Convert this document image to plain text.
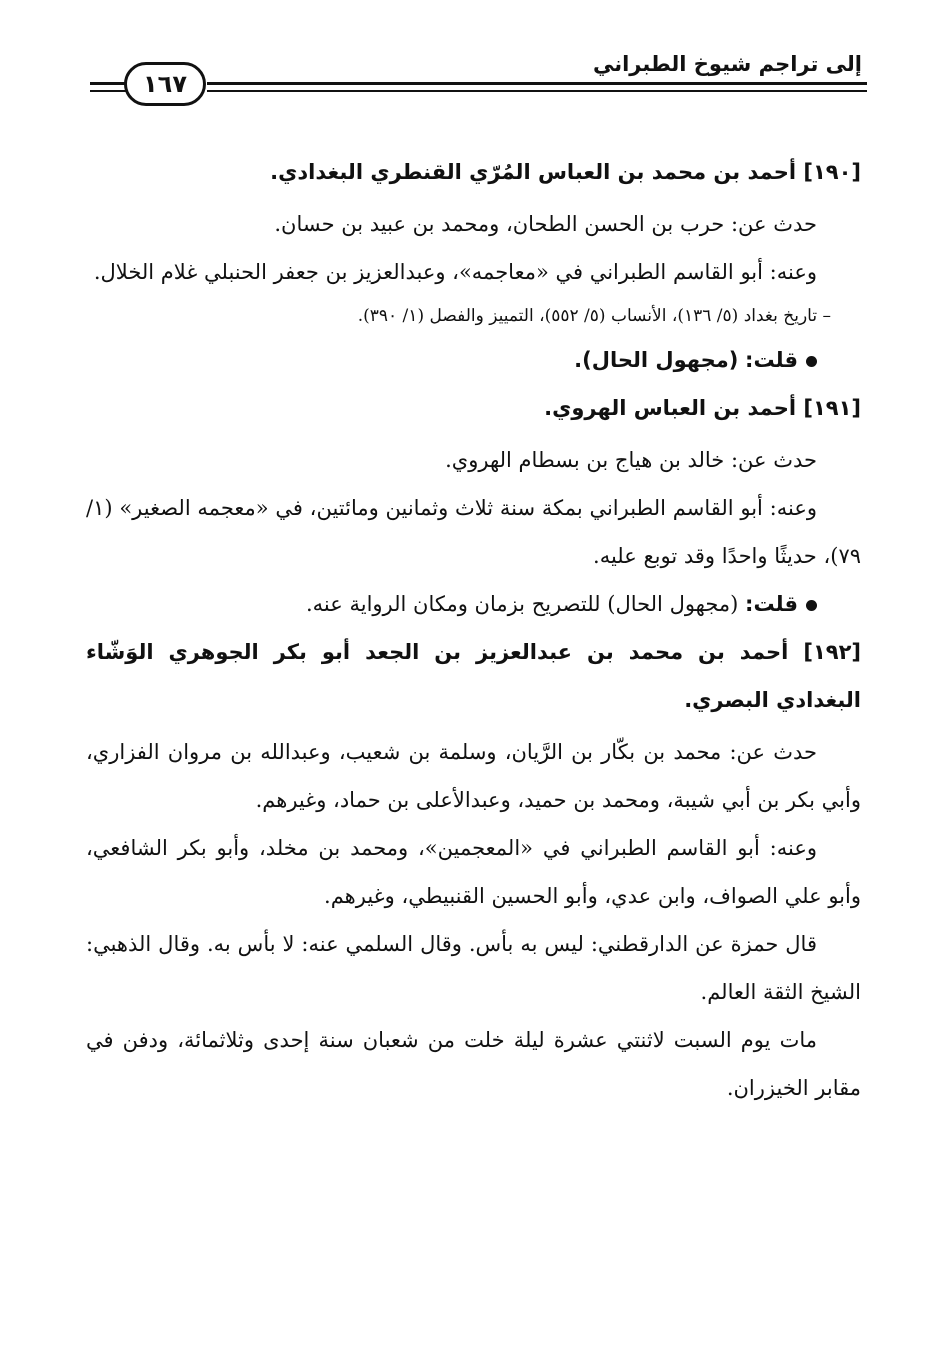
إلى تراجم شيوخ الطبراني
١٦٧

[١٩٠] أحمد بن محمد بن العباس المُرّي القنطري البغدادي.

حدث عن: حرب بن الحسن الطحان، ومحمد بن عبيد بن حسان.

وعنه: أبو القاسم الطبراني في «معاجمه»، وعبدالعزيز بن جعفر الحنبلي غلام الخلال.

– تاريخ بغداد (٥/ ١٣٦)، الأنساب (٥/ ٥٥٢)، التمييز والفصل (١/ ٣٩٠).

قلت: (مجهول الحال).

[١٩١] أحمد بن العباس الهروي.

حدث عن: خالد بن هياج بن بسطام الهروي.

وعنه: أبو القاسم الطبراني بمكة سنة ثلاث وثمانين ومائتين، في «معجمه الصغير» (١/ ٧٩)، حديثًا واحدًا وقد توبع عليه.

قلت: (مجهول الحال) للتصريح بزمان ومكان الرواية عنه.

[١٩٢] أحمد بن محمد بن عبدالعزيز بن الجعد أبو بكر الجوهري الوَشّاء البغدادي البصري.

حدث عن: محمد بن بكّار بن الرَّيان، وسلمة بن شعيب، وعبدالله بن مروان الفزاري، وأبي بكر بن أبي شيبة، ومحمد بن حميد، وعبدالأعلى بن حماد، وغيرهم.

وعنه: أبو القاسم الطبراني في «المعجمين»، ومحمد بن مخلد، وأبو بكر الشافعي، وأبو علي الصواف، وابن عدي، وأبو الحسين القنبيطي، وغيرهم.

قال حمزة عن الدارقطني: ليس به بأس. وقال السلمي عنه: لا بأس به. وقال الذهبي: الشيخ الثقة العالم.

مات يوم السبت لاثنتي عشرة ليلة خلت من شعبان سنة إحدى وثلاثمائة، ودفن في مقابر الخيزران.
